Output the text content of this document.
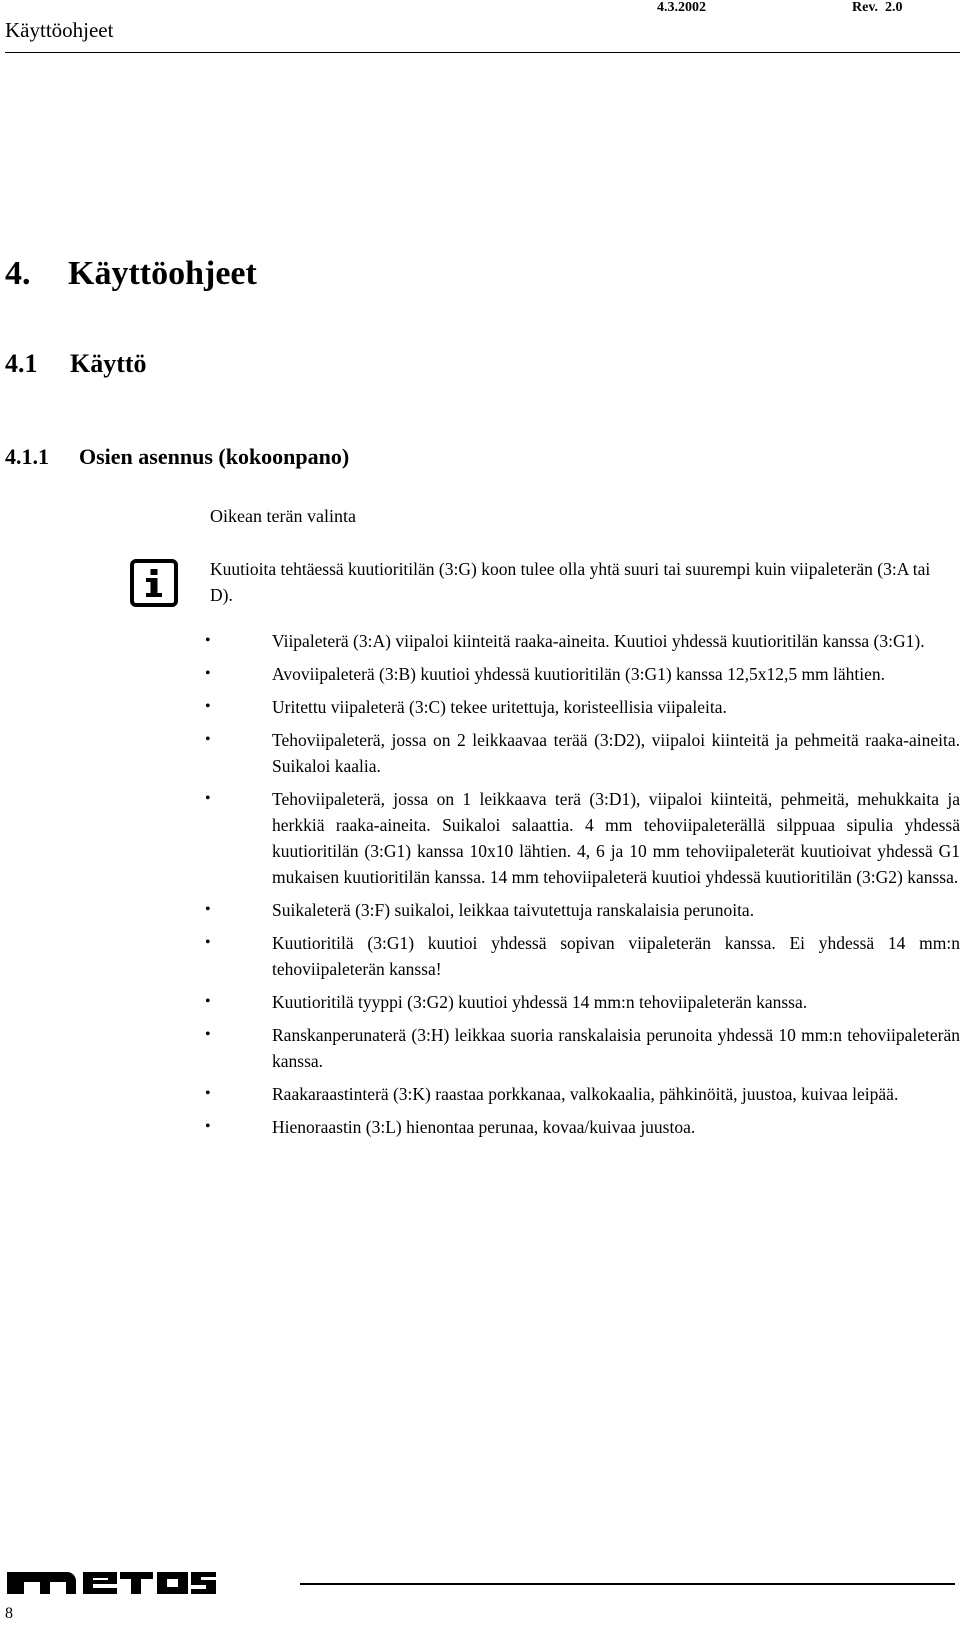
Käyttöohjeet
4.3.2002	Rev.  2.0
4. Käyttöohjeet
4.1 Käyttö
4.1.1 Osien asennus (kokoonpano)
Oikean terän valinta
Kuutioita tehtäessä kuutioritilän (3:G) koon tulee olla yhtä suuri tai suurempi kuin viipaleterän (3:A tai D).
•	Viipaleterä (3:A) viipaloi kiinteitä raaka-aineita. Kuutioi yhdessä kuutioritilän kanssa (3:G1).
•	Avoviipaleterä (3:B) kuutioi yhdessä kuutioritilän (3:G1) kanssa 12,5x12,5 mm lähtien.
•	Uritettu viipaleterä (3:C) tekee uritettuja, koristeellisia viipaleita.
•	Tehoviipaleterä, jossa on 2 leikkaavaa terää (3:D2), viipaloi kiinteitä ja pehmeitä raaka-aineita. Suikaloi kaalia.
•	Tehoviipaleterä, jossa on 1 leikkaava terä (3:D1), viipaloi kiinteitä, pehmeitä, mehukkaita ja herkkiä raaka-aineita. Suikaloi salaattia. 4 mm tehoviipaleterällä silppuaa sipulia yhdessä kuutioritilän (3:G1) kanssa 10x10 lähtien. 4, 6 ja 10 mm tehoviipaleterät kuutioivat yhdessä G1 mukaisen kuutioritilän kanssa. 14 mm tehoviipaleterä kuutioi yhdessä kuutioritilän (3:G2) kanssa.
•	Suikaleterä (3:F) suikaloi, leikkaa taivutettuja ranskalaisia perunoita.
•	Kuutioritilä (3:G1) kuutioi yhdessä sopivan viipaleterän kanssa. Ei yhdessä 14 mm:n tehoviipaleterän kanssa!
•	Kuutioritilä tyyppi (3:G2) kuutioi yhdessä 14 mm:n tehoviipaleterän kanssa.
•	Ranskanperunaterä (3:H) leikkaa suoria ranskalaisia perunoita yhdessä 10 mm:n tehoviipaleterän kanssa.
•	Raakaraastinterä (3:K) raastaa porkkanaa, valkokaalia, pähkinöitä, juustoa, kuivaa leipää.
•	Hienoraastin (3:L) hienontaa perunaa, kovaa/kuivaa juustoa.
8
